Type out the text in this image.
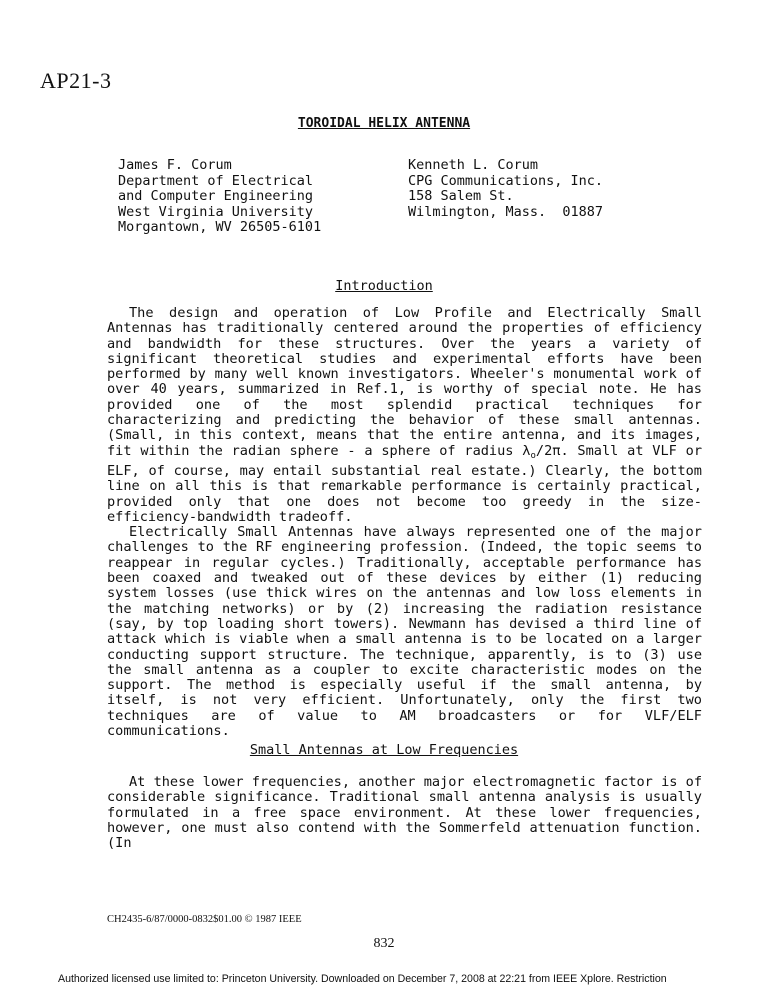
AP21-3
TOROIDAL HELIX ANTENNA
James F. Corum
Department of Electrical
and Computer Engineering
West Virginia University
Morgantown, WV 26505-6101
Kenneth L. Corum
CPG Communications, Inc.
158 Salem St.
Wilmington, Mass.  01887
Introduction

The design and operation of Low Profile and Electrically Small Antennas has traditionally centered around the properties of efficiency and bandwidth for these structures. Over the years a variety of significant theoretical studies and experimental efforts have been performed by many well known investigators. Wheeler's monumental work of over 40 years, summarized in Ref.1, is worthy of special note. He has provided one of the most splendid practical techniques for characterizing and predicting the behavior of these small antennas. (Small, in this context, means that the entire antenna, and its images, fit within the radian sphere - a sphere of radius $\lambda_o/2\pi$. Small at VLF or ELF, of course, may entail substantial real estate.) Clearly, the bottom line on all this is that remarkable performance is certainly practical, provided only that one does not become too greedy in the size-efficiency-bandwidth tradeoff.

Electrically Small Antennas have always represented one of the major challenges to the RF engineering profession. (Indeed, the topic seems to reappear in regular cycles.) Traditionally, acceptable performance has been coaxed and tweaked out of these devices by either (1) reducing system losses (use thick wires on the antennas and low loss elements in the matching networks) or by (2) increasing the radiation resistance (say, by top loading short towers). Newmann has devised a third line of attack which is viable when a small antenna is to be located on a larger conducting support structure. The technique, apparently, is to (3) use the small antenna as a coupler to excite characteristic modes on the support. The method is especially useful if the small antenna, by itself, is not very efficient. Unfortunately, only the first two techniques are of value to AM broadcasters or for VLF/ELF communications.

Small Antennas at Low Frequencies

At these lower frequencies, another major electromagnetic factor is of considerable significance. Traditional small antenna analysis is usually formulated in a free space environment. At these lower frequencies, however, one must also contend with the Sommerfeld attenuation function. (In

CH2435-6/87/0000-0832$01.00 © 1987 IEEE
832
Authorized licensed use limited to: Princeton University. Downloaded on December 7, 2008 at 22:21 from IEEE Xplore. Restriction
